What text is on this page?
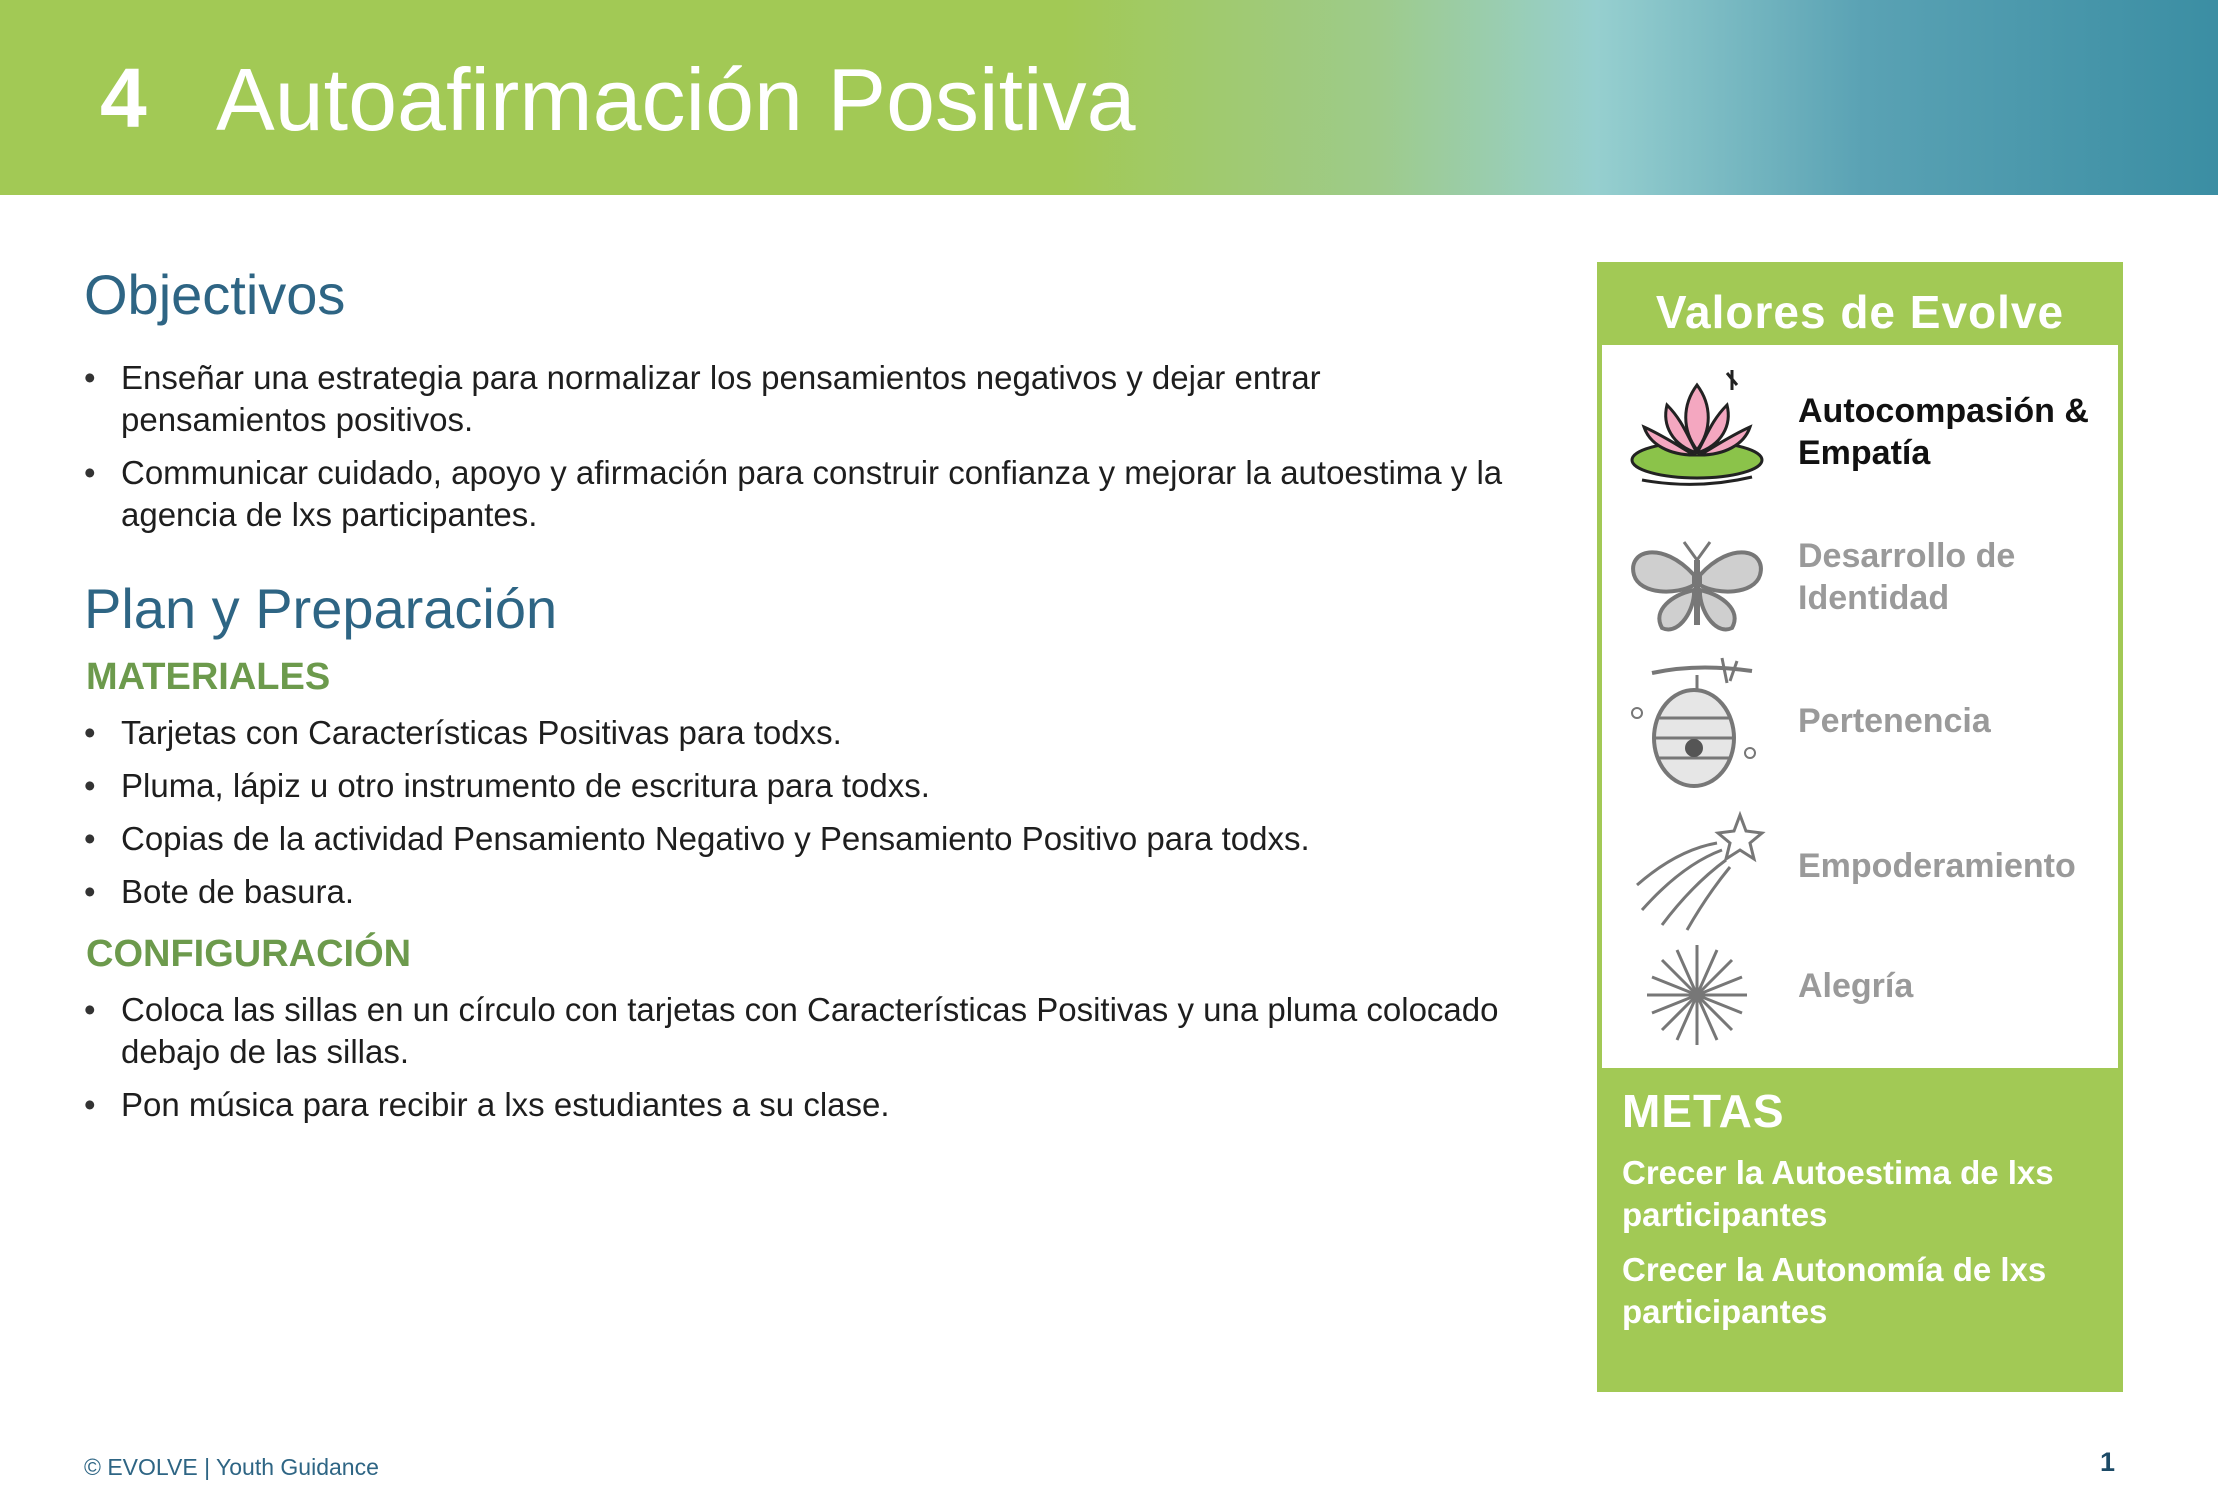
4 Autoafirmación Positiva
Objectivos
• Enseñar una estrategia para normalizar los pensamientos negativos y dejar entrar pensamientos positivos.
• Communicar cuidado, apoyo y afirmación para construir confianza y mejorar la autoestima y la agencia de lxs participantes.
Plan y Preparación
MATERIALES
• Tarjetas con Características Positivas para todxs.
• Pluma, lápiz u otro instrumento de escritura para todxs.
• Copias de la actividad Pensamiento Negativo y Pensamiento Positivo para todxs.
• Bote de basura.
CONFIGURACIÓN
• Coloca las sillas en un círculo con tarjetas con Características Positivas y una pluma colocado debajo de las sillas.
• Pon música para recibir a lxs estudiantes a su clase.
Valores de Evolve
Autocompasión & Empatía
Desarrollo de Identidad
Pertenencia
Empoderamiento
Alegría
METAS
Crecer la Autoestima de lxs participantes
Crecer la Autonomía de lxs participantes
© EVOLVE | Youth Guidance	1
